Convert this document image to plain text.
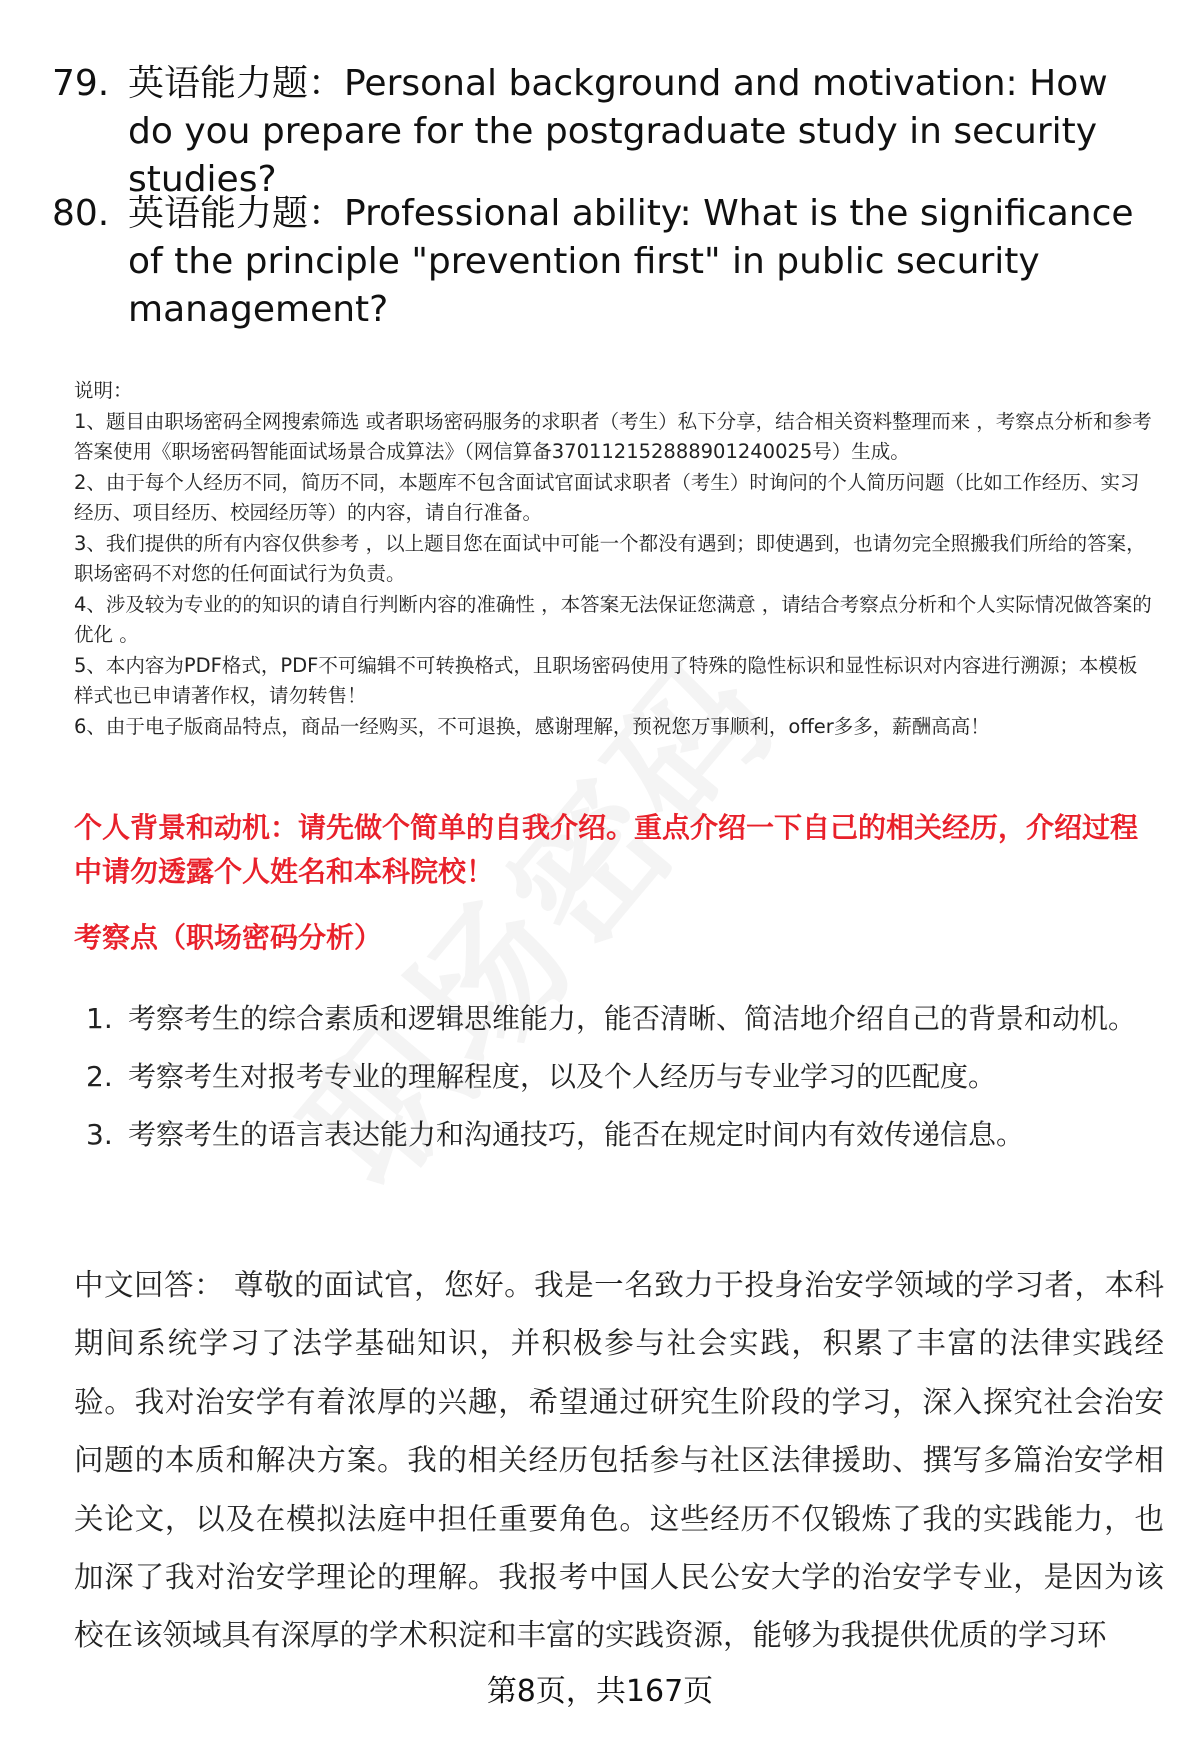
79. 英语能力题：Personal background and motivation: How do you prepare for the postgraduate study in security studies?
80. 英语能力题：Professional ability: What is the significance of the principle "prevention first" in public security management?

说明：

1、题目由职场密码全网搜索筛选 或者职场密码服务的求职者（考生）私下分享，结合相关资料整理而来 ，考察点分析和参考答案使用《职场密码智能面试场景合成算法》（网信算备370112152888901240025号）生成。

2、由于每个人经历不同，简历不同，本题库不包含面试官面试求职者（考生）时询问的个人简历问题（比如工作经历、实习经历、项目经历、校园经历等）的内容，请自行准备。

3、我们提供的所有内容仅供参考 ，以上题目您在面试中可能一个都没有遇到；即使遇到，也请勿完全照搬我们所给的答案，职场密码不对您的任何面试行为负责。

4、涉及较为专业的的知识的请自行判断内容的准确性 ，本答案无法保证您满意 ，请结合考察点分析和个人实际情况做答案的优化 。

5、本内容为PDF格式，PDF不可编辑不可转换格式，且职场密码使用了特殊的隐性标识和显性标识对内容进行溯源；本模板样式也已申请著作权，请勿转售！

6、由于电子版商品特点，商品一经购买，不可退换，感谢理解，预祝您万事顺利，offer多多，薪酬高高！

个人背景和动机：请先做个简单的自我介绍。重点介绍一下自己的相关经历，介绍过程中请勿透露个人姓名和本科院校！
考察点（职场密码分析）
1. 考察考生的综合素质和逻辑思维能力，能否清晰、简洁地介绍自己的背景和动机。
2. 考察考生对报考专业的理解程度，以及个人经历与专业学习的匹配度。
3. 考察考生的语言表达能力和沟通技巧，能否在规定时间内有效传递信息。

中文回答： 尊敬的面试官，您好。我是一名致力于投身治安学领域的学习者，本科期间系统学习了法学基础知识，并积极参与社会实践，积累了丰富的法律实践经验。我对治安学有着浓厚的兴趣，希望通过研究生阶段的学习，深入探究社会治安问题的本质和解决方案。我的相关经历包括参与社区法律援助、撰写多篇治安学相关论文，以及在模拟法庭中担任重要角色。这些经历不仅锻炼了我的实践能力，也加深了我对治安学理论的理解。我报考中国人民公安大学的治安学专业，是因为该校在该领域具有深厚的学术积淀和丰富的实践资源，能够为我提供优质的学习环

第8页，共167页
